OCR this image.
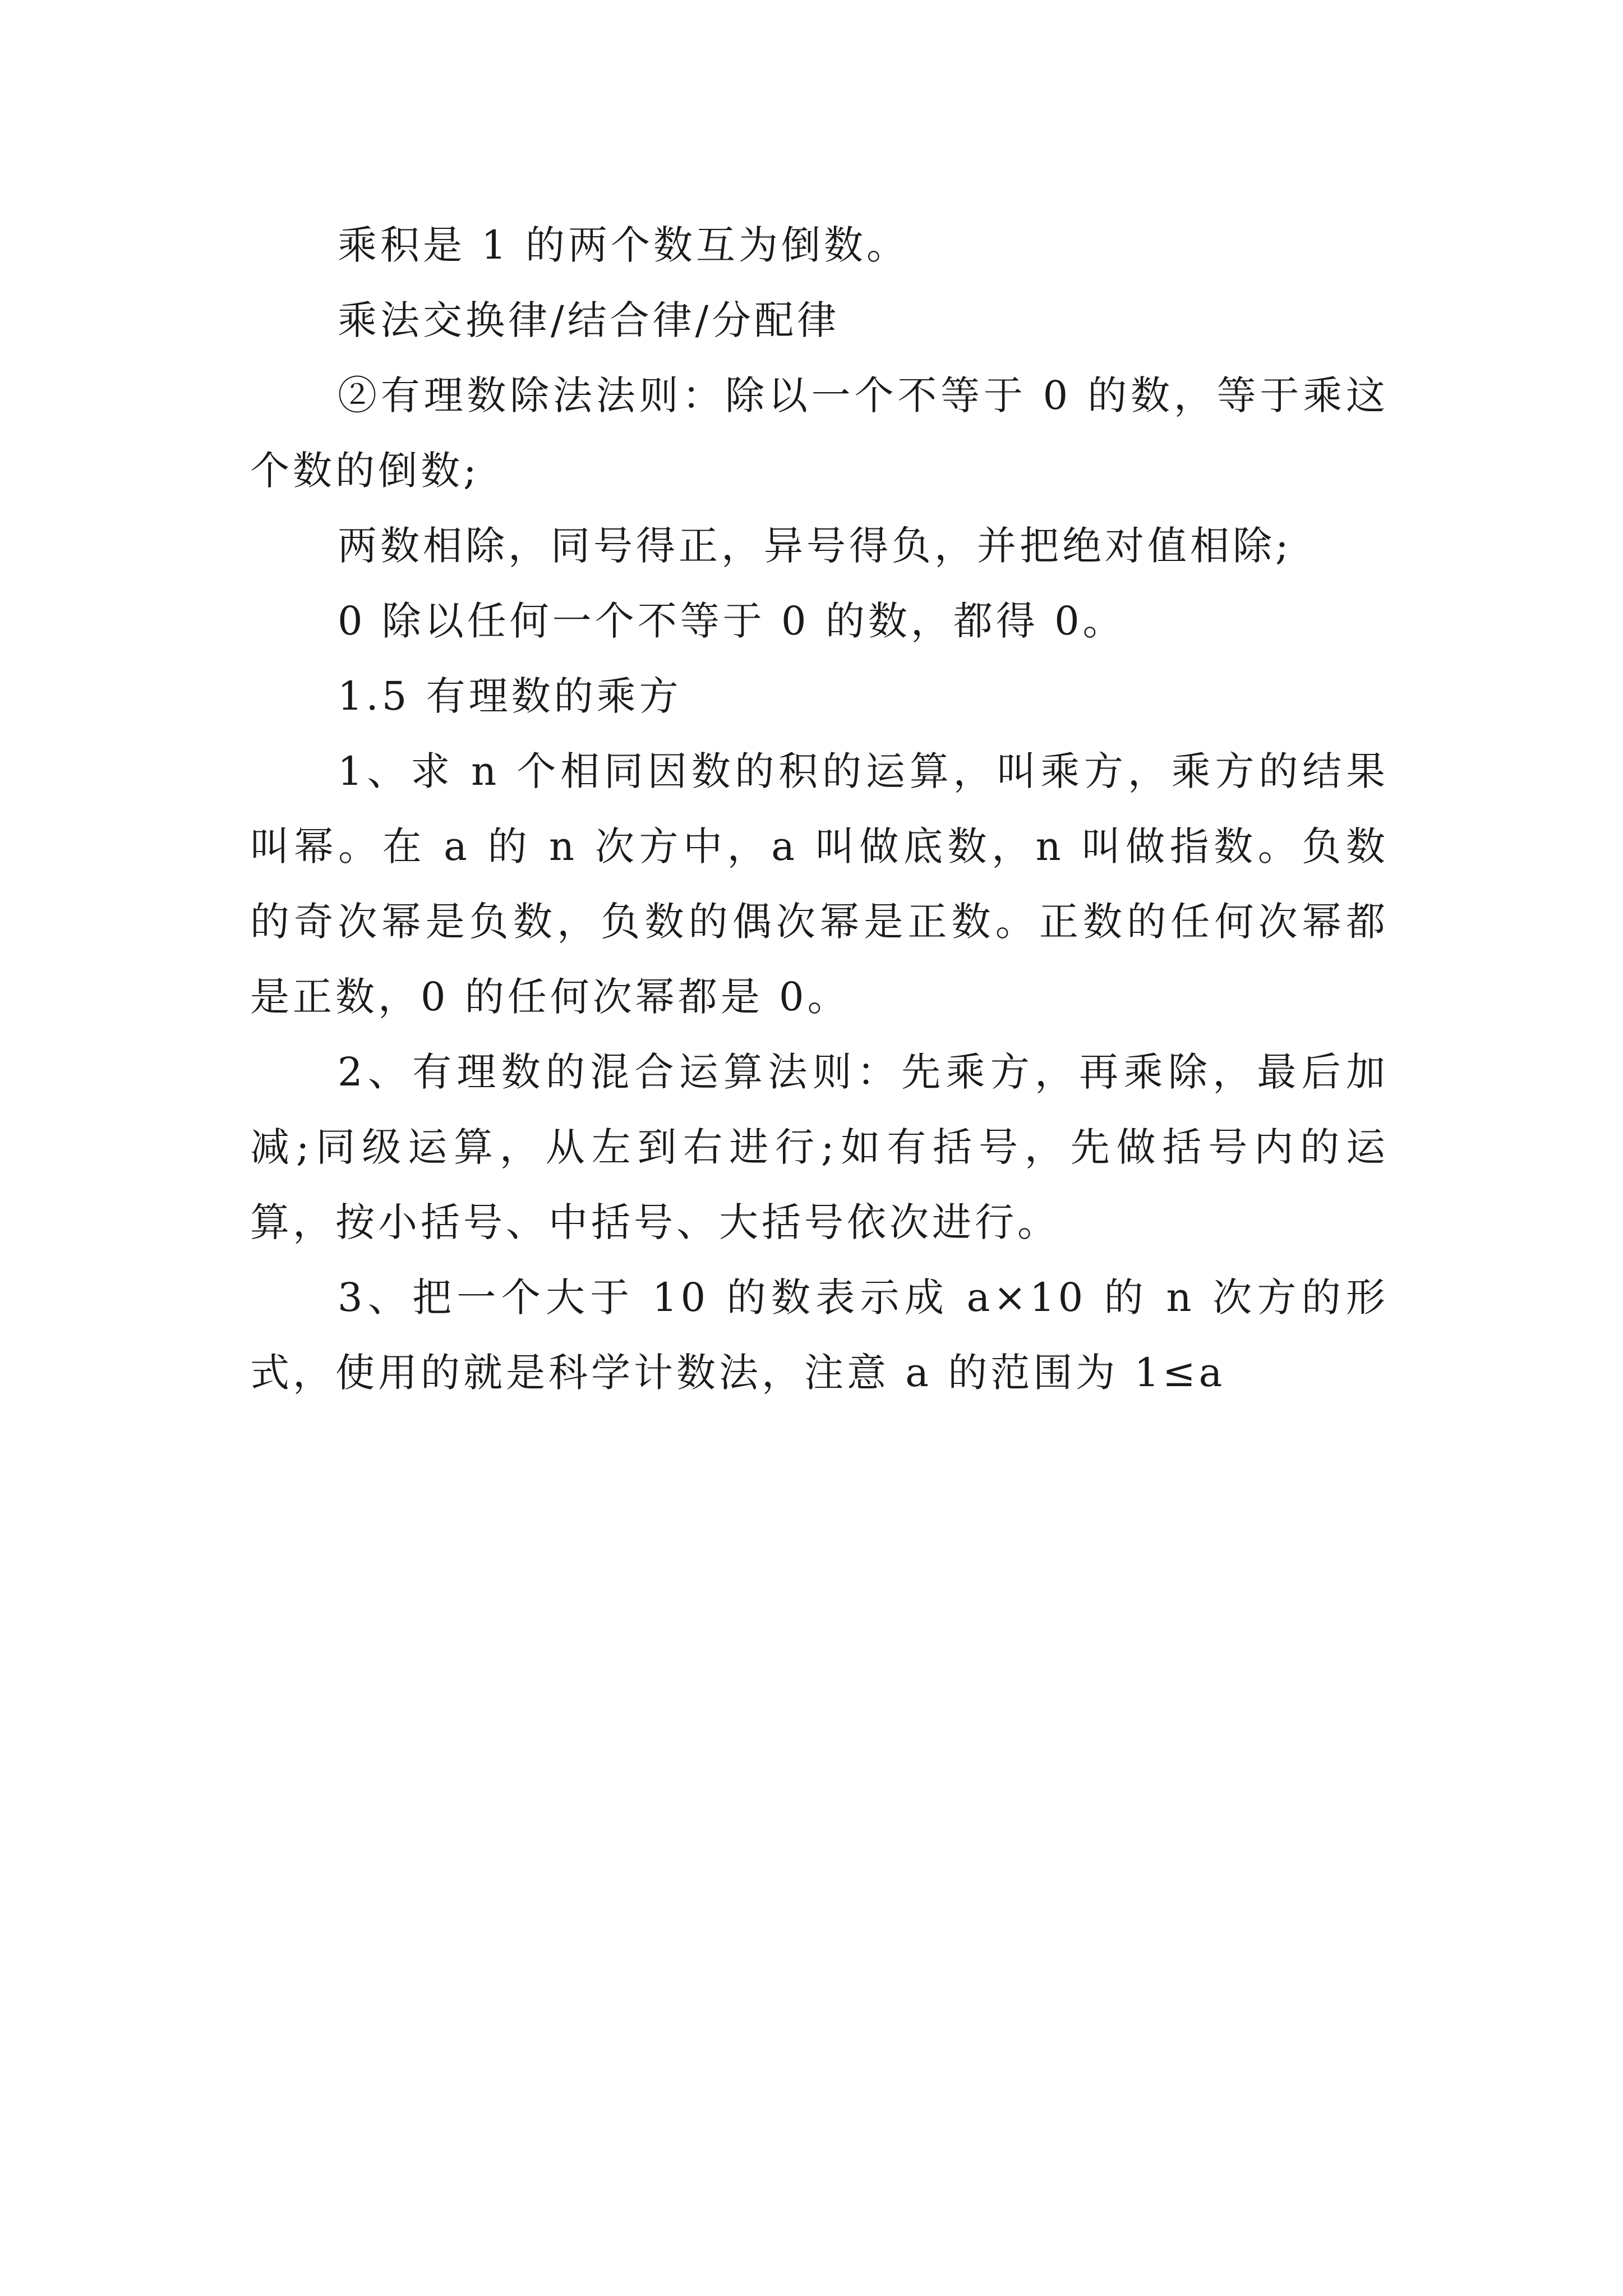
乘积是 1 的两个数互为倒数。

乘法交换律/结合律/分配律

②有理数除法法则：除以一个不等于 0 的数，等于乘这个数的倒数;

两数相除，同号得正，异号得负，并把绝对值相除;

0 除以任何一个不等于 0 的数，都得 0。

1.5 有理数的乘方

1、求 n 个相同因数的积的运算，叫乘方，乘方的结果叫幂。在 a 的 n 次方中，a 叫做底数，n 叫做指数。负数的奇次幂是负数，负数的偶次幂是正数。正数的任何次幂都是正数，0 的任何次幂都是 0。

2、有理数的混合运算法则：先乘方，再乘除，最后加减;同级运算，从左到右进行;如有括号，先做括号内的运算，按小括号、中括号、大括号依次进行。

3、把一个大于 10 的数表示成 a×10 的 n 次方的形式，使用的就是科学计数法，注意 a 的范围为 1≤a
